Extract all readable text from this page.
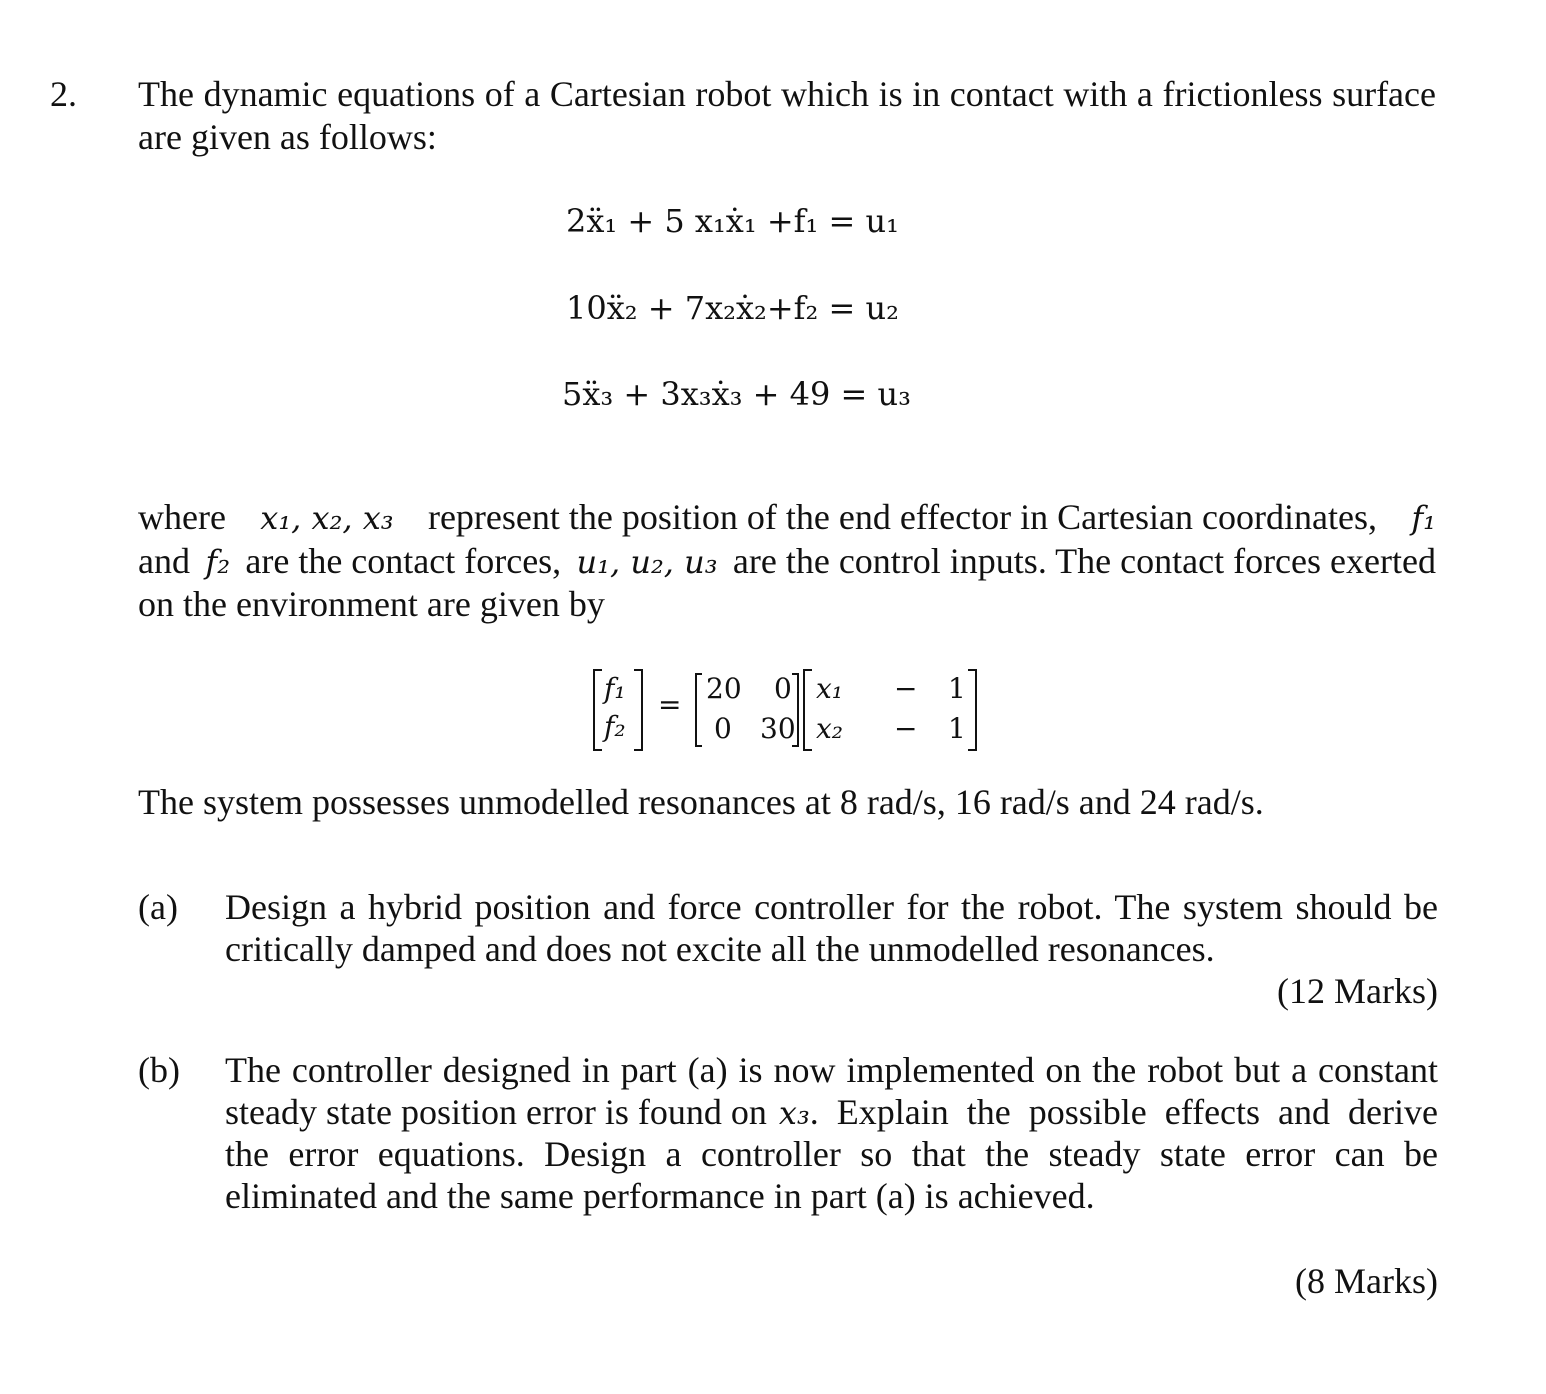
2. The dynamic equations of a Cartesian robot which is in contact with a frictionless surface
are given as follows:
2ẍ₁ + 5 x₁ẋ₁ +f₁ = u₁
10ẍ₂ + 7x₂ẋ₂+f₂ = u₂
5ẍ₃ + 3x₃ẋ₃ + 49 = u₃
where x₁, x₂, x₃ represent the position of the end effector in Cartesian coordinates, f₁
and f₂ are the contact forces, u₁, u₂, u₃ are the control inputs. The contact forces exerted
on the environment are given by
f₁
f₂
= 20 0
0 30
x₁
x₂
−
−
1
1
The system possesses unmodelled resonances at 8 rad/s, 16 rad/s and 24 rad/s.
(a) Design a hybrid position and force controller for the robot. The system should be
critically damped and does not excite all the unmodelled resonances.
(12 Marks)
(b) The controller designed in part (a) is now implemented on the robot but a constant
steady state position error is found on x₃ . Explain the possible effects and derive
the error equations. Design a controller so that the steady state error can be
eliminated and the same performance in part (a) is achieved.
(8 Marks)
